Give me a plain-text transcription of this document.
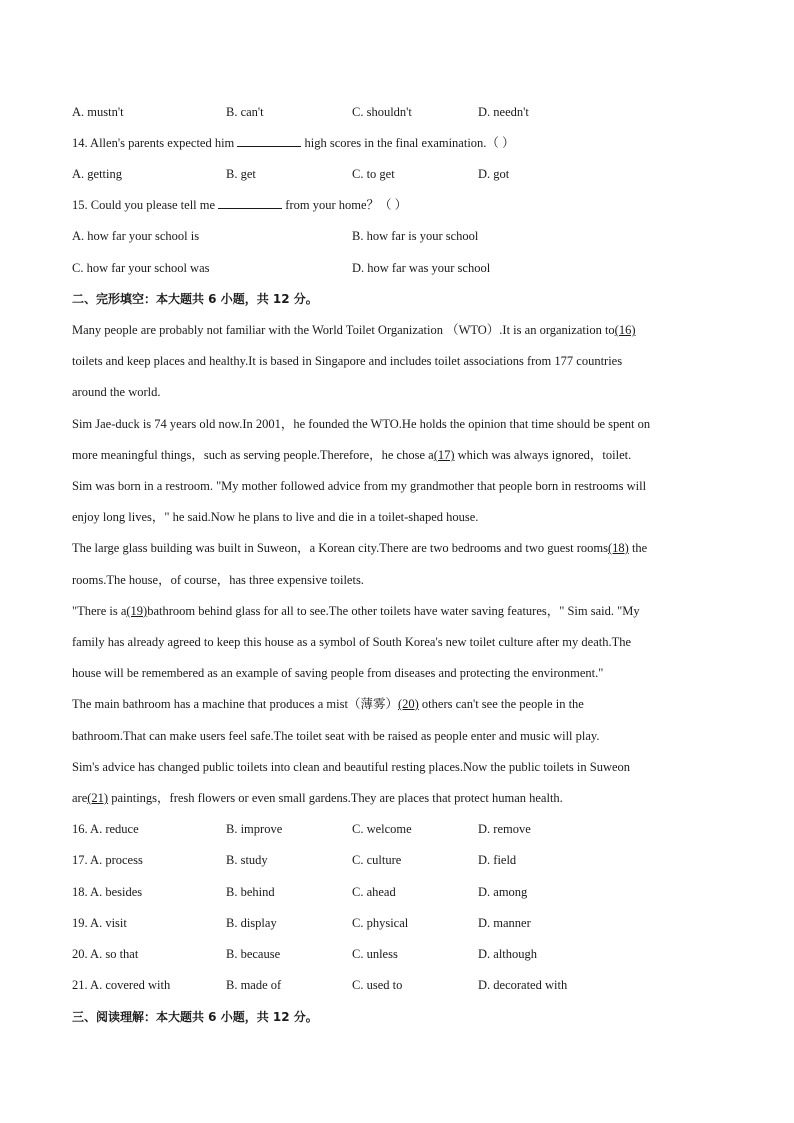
A. mustn't	B. can't	C. shouldn't	D. needn't
14. Allen's parents expected him	high scores in the final examination.（ ）
A. getting	B. get	C. to get	D. got
15. Could you please tell me	from your home？（ ）
A. how far your school is	B. how far is your school
C. how far your school was	D. how far was your school
二、完形填空：本大题共 6 小题，共 12 分。
Many people are probably not familiar with the World Toilet Organization （WTO）.It is an organization to(16)
toilets and keep places and healthy.It is based in Singapore and includes toilet associations from 177 countries
around the world.
Sim Jae-duck is 74 years old now.In 2001，he founded the WTO.He holds the opinion that time should be spent on
more meaningful things，such as serving people.Therefore，he chose a(17) which was always ignored，toilet.
Sim was born in a restroom. "My mother followed advice from my grandmother that people born in restrooms will
enjoy long lives，" he said.Now he plans to live and die in a toilet-shaped house.
The large glass building was built in Suweon，a Korean city.There are two bedrooms and two guest rooms(18) the
rooms.The house，of course，has three expensive toilets.
"There is a(19)bathroom behind glass for all to see.The other toilets have water saving features，" Sim said. "My
family has already agreed to keep this house as a symbol of South Korea's new toilet culture after my death.The
house will be remembered as an example of saving people from diseases and protecting the environment."
The main bathroom has a machine that produces a mist（薄雾）(20) others can't see the people in the
bathroom.That can make users feel safe.The toilet seat with be raised as people enter and music will play.
Sim's advice has changed public toilets into clean and beautiful resting places.Now the public toilets in Suweon
are(21) paintings，fresh flowers or even small gardens.They are places that protect human health.
16. A. reduce	B. improve	C. welcome	D. remove
17. A. process	B. study	C. culture	D. field
18. A. besides	B. behind	C. ahead	D. among
19. A. visit	B. display	C. physical	D. manner
20. A. so that	B. because	C. unless	D. although
21. A. covered with	B. made of	C. used to	D. decorated with
三、阅读理解：本大题共 6 小题，共 12 分。
